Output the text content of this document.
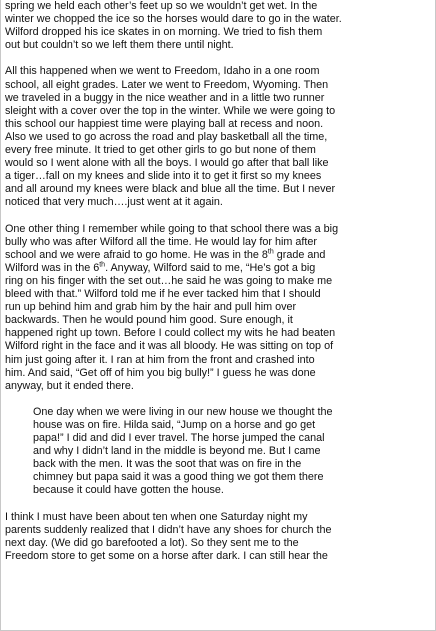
spring we held each other’s feet up so we wouldn’t get wet. In the
winter we chopped the ice so the horses would dare to go in the water.
Wilford dropped his ice skates in on morning. We tried to fish them
out but couldn’t so we left them there until night.
All this happened when we went to Freedom, Idaho in a one room
school, all eight grades. Later we went to Freedom, Wyoming. Then
we traveled in a buggy in the nice weather and in a little two runner
sleight with a cover over the top in the winter. While we were going to
this school our happiest time were playing ball at recess and noon.
Also we used to go across the road and play basketball all the time,
every free minute. It tried to get other girls to go but none of them
would so I went alone with all the boys. I would go after that ball like
a tiger…fall on my knees and slide into it to get it first so my knees
and all around my knees were black and blue all the time. But I never
noticed that very much….just went at it again.
One other thing I remember while going to that school there was a big
bully who was after Wilford all the time. He would lay for him after
school and we were afraid to go home. He was in the 8th grade and
Wilford was in the 6th. Anyway, Wilford said to me, “He’s got a big
ring on his finger with the set out…he said he was going to make me
bleed with that.” Wilford told me if he ever tacked him that I should
run up behind him and grab him by the hair and pull him over
backwards. Then he would pound him good. Sure enough, it
happened right up town. Before I could collect my wits he had beaten
Wilford right in the face and it was all bloody. He was sitting on top of
him just going after it. I ran at him from the front and crashed into
him. And said, “Get off of him you big bully!” I guess he was done
anyway, but it ended there.
One day when we were living in our new house we thought the
house was on fire. Hilda said, “Jump on a horse and go get
papa!” I did and did I ever travel. The horse jumped the canal
and why I didn’t land in the middle is beyond me. But I came
back with the men. It was the soot that was on fire in the
chimney but papa said it was a good thing we got them there
because it could have gotten the house.
I think I must have been about ten when one Saturday night my
parents suddenly realized that I didn’t have any shoes for church the
next day. (We did go barefooted a lot). So they sent me to the
Freedom store to get some on a horse after dark. I can still hear the
